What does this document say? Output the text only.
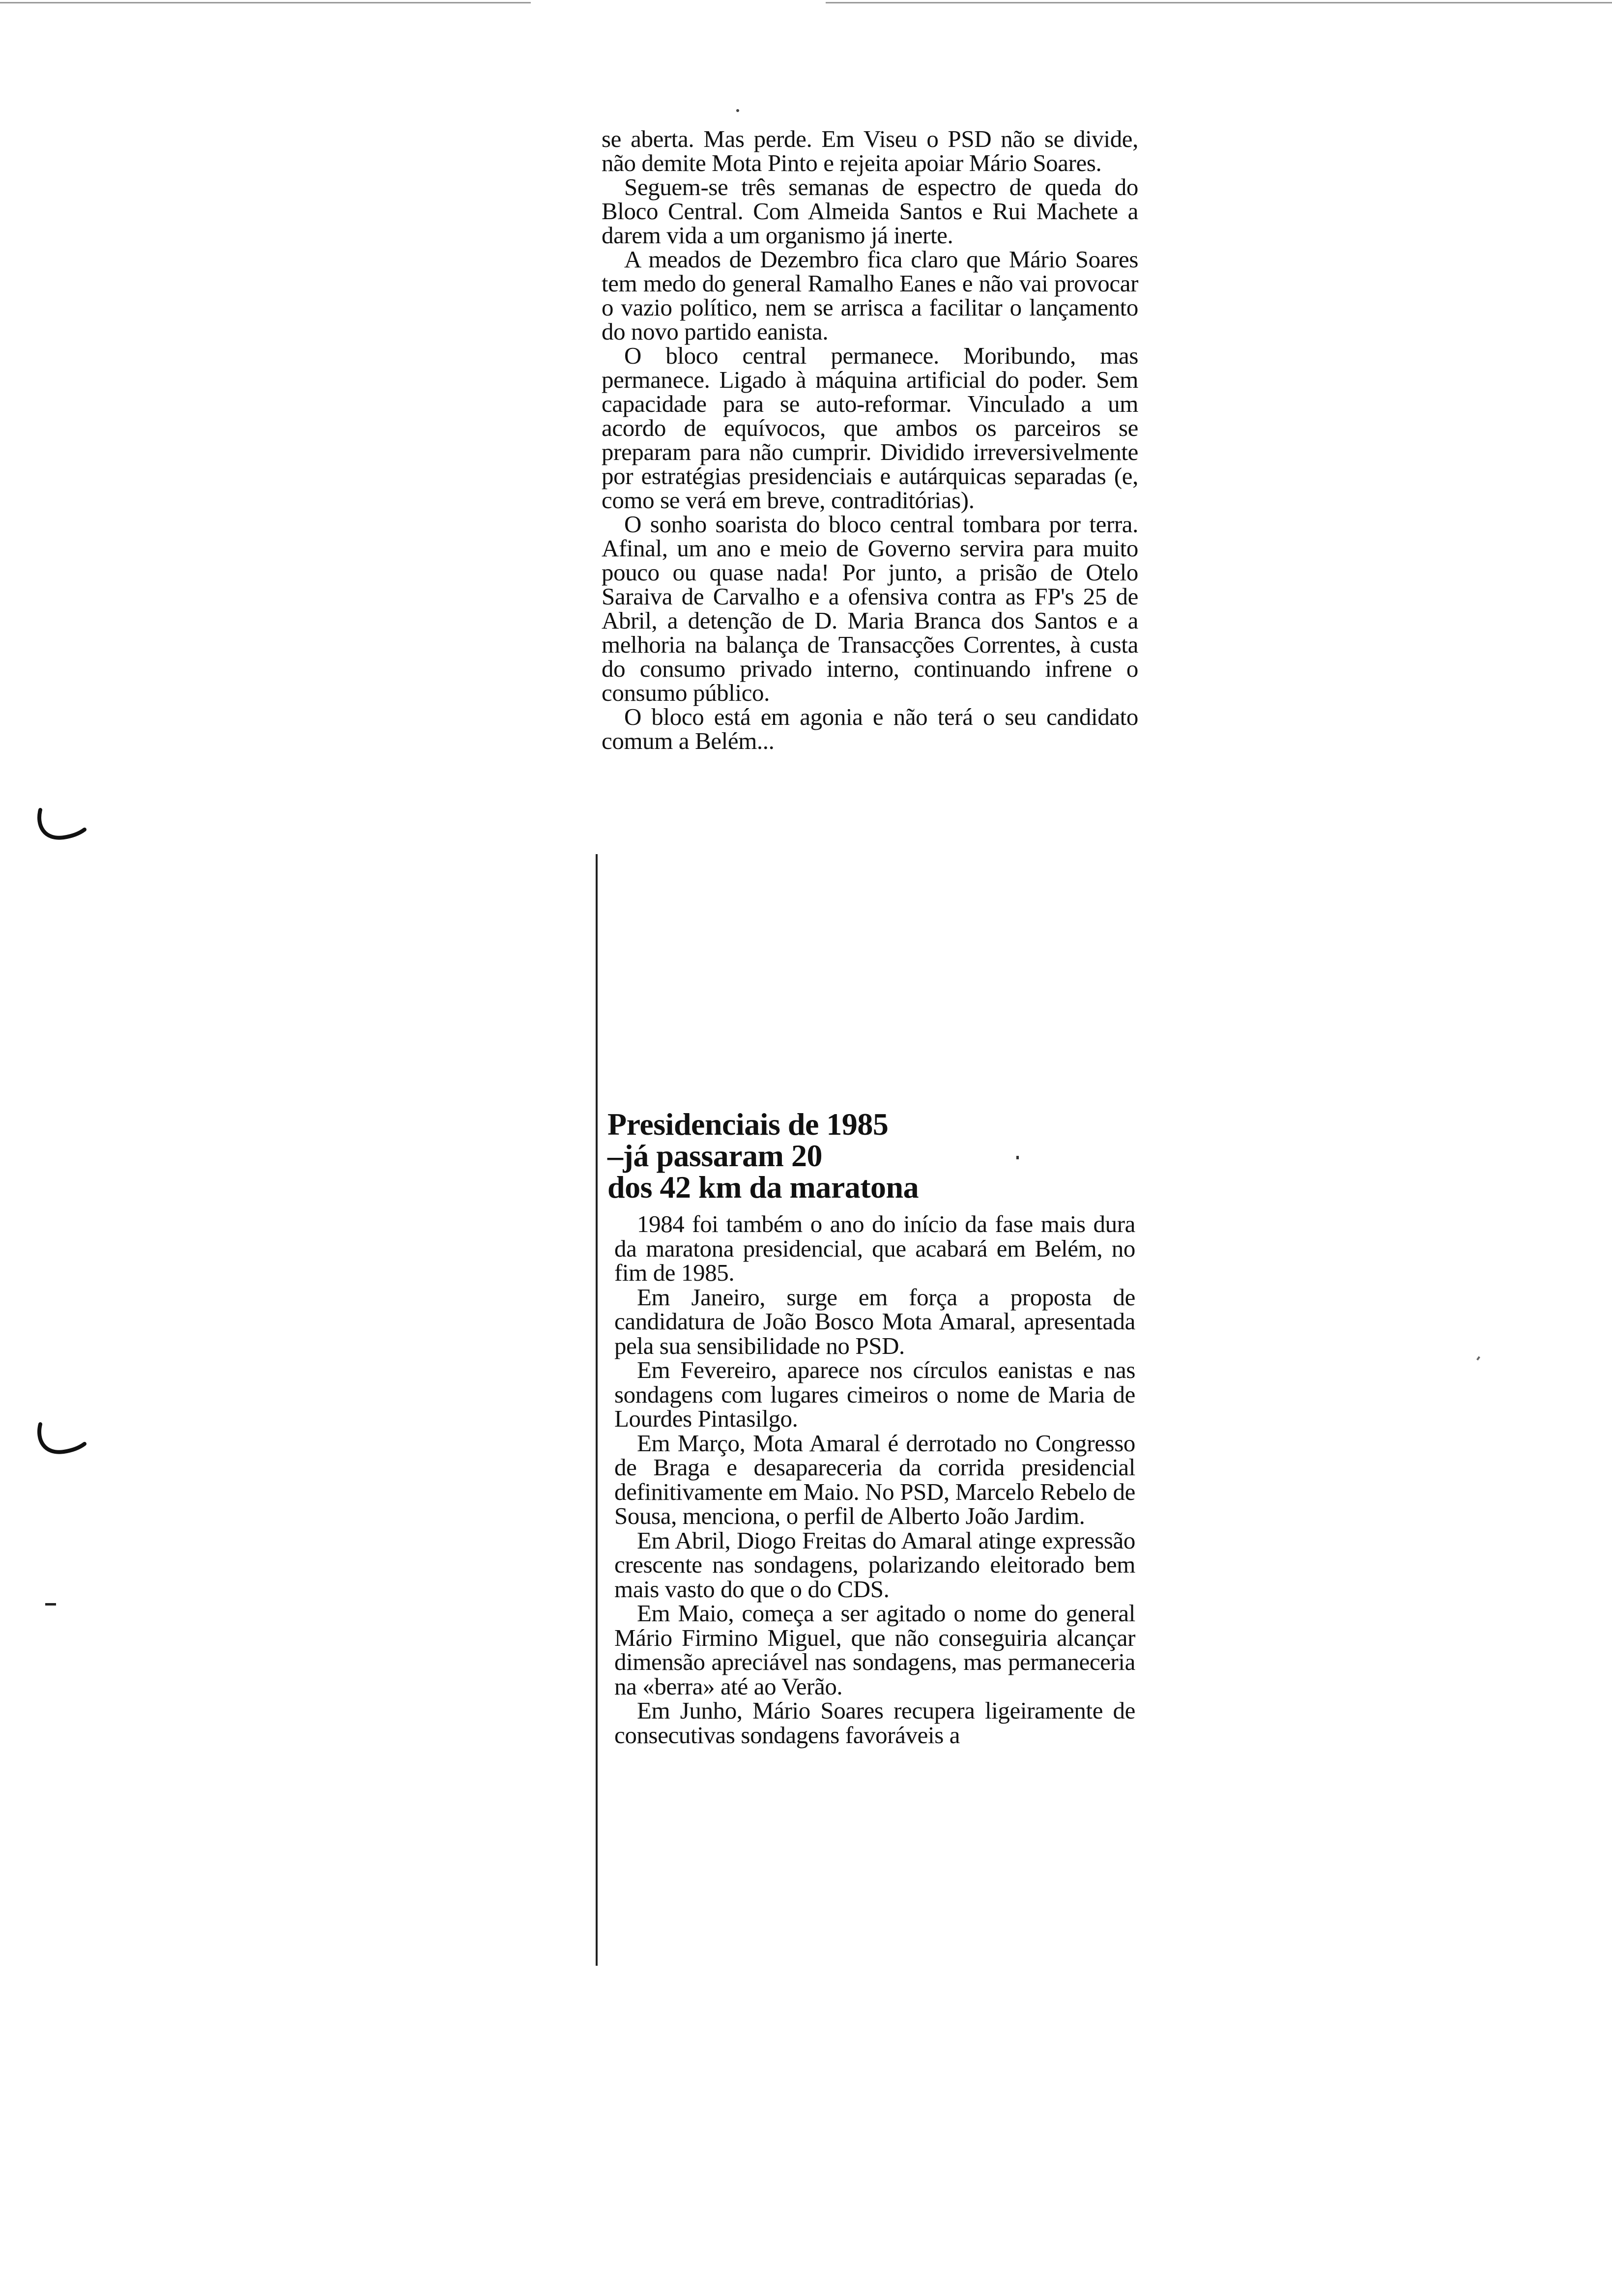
se aberta. Mas perde. Em Viseu o PSD não se divide, não demite Mota Pinto e rejeita apoiar Mário Soares.

Seguem-se três semanas de espectro de queda do Bloco Central. Com Almeida Santos e Rui Machete a darem vida a um organismo já inerte.

A meados de Dezembro fica claro que Mário Soares tem medo do general Ramalho Eanes e não vai provocar o vazio político, nem se arrisca a facilitar o lançamento do novo partido eanista.

O bloco central permanece. Moribundo, mas permanece. Ligado à máquina artificial do poder. Sem capacidade para se auto-reformar. Vinculado a um acordo de equívocos, que ambos os parceiros se preparam para não cumprir. Dividido irreversivelmente por estratégias presidenciais e autárquicas separadas (e, como se verá em breve, contraditórias).

O sonho soarista do bloco central tombara por terra. Afinal, um ano e meio de Governo servira para muito pouco ou quase nada! Por junto, a prisão de Otelo Saraiva de Carvalho e a ofensiva contra as FP's 25 de Abril, a detenção de D. Maria Branca dos Santos e a melhoria na balança de Transacções Correntes, à custa do consumo privado interno, continuando infrene o consumo público.

O bloco está em agonia e não terá o seu candidato comum a Belém...

Presidenciais de 1985
–já passaram 20
dos 42 km da maratona

1984 foi também o ano do início da fase mais dura da maratona presidencial, que acabará em Belém, no fim de 1985.

Em Janeiro, surge em força a proposta de candidatura de João Bosco Mota Amaral, apresentada pela sua sensibilidade no PSD.

Em Fevereiro, aparece nos círculos eanistas e nas sondagens com lugares cimeiros o nome de Maria de Lourdes Pintasilgo.

Em Março, Mota Amaral é derrotado no Congresso de Braga e desapareceria da corrida presidencial definitivamente em Maio. No PSD, Marcelo Rebelo de Sousa, menciona, o perfil de Alberto João Jardim.

Em Abril, Diogo Freitas do Amaral atinge expressão crescente nas sondagens, polarizando eleitorado bem mais vasto do que o do CDS.

Em Maio, começa a ser agitado o nome do general Mário Firmino Miguel, que não conseguiria alcançar dimensão apreciável nas sondagens, mas permaneceria na «berra» até ao Verão.

Em Junho, Mário Soares recupera ligeiramente de consecutivas sondagens favoráveis a
